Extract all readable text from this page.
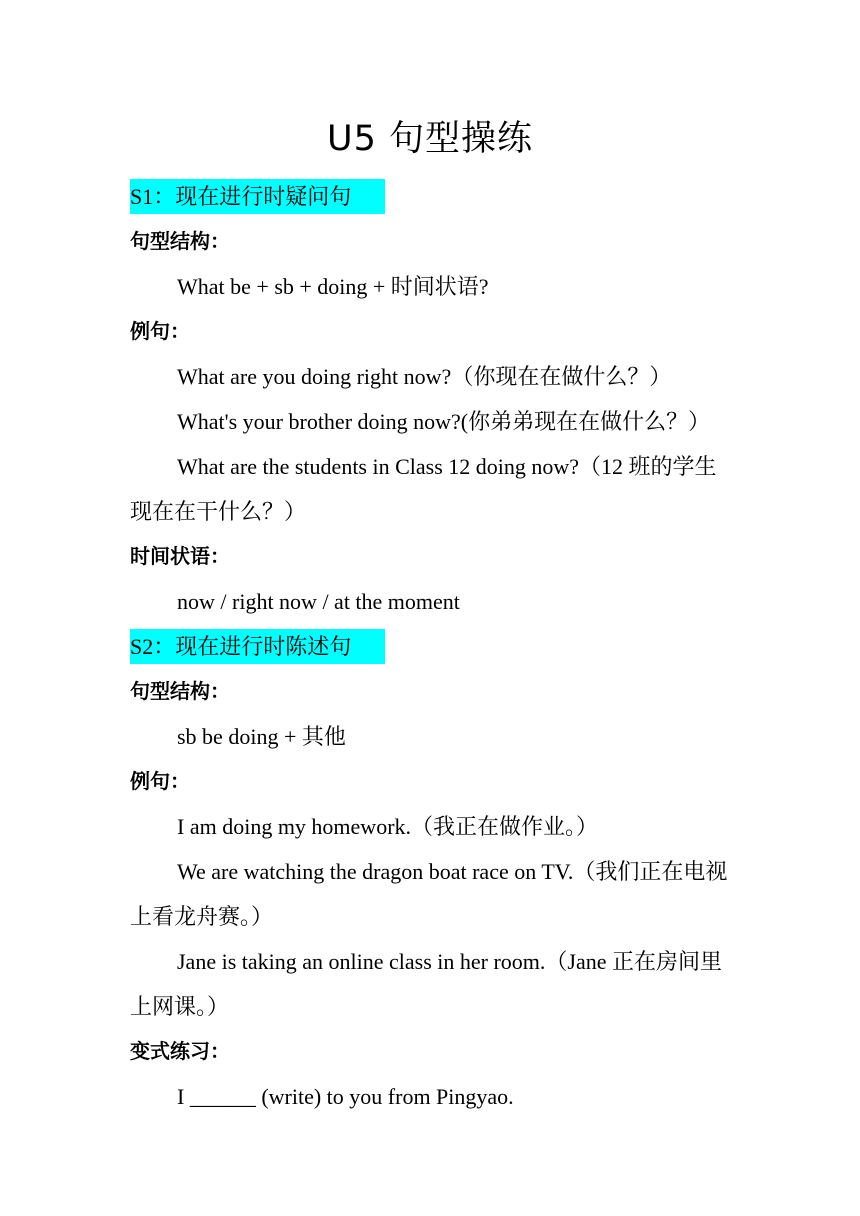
U5 句型操练
S1：现在进行时疑问句
句型结构：
What be + sb + doing + 时间状语?
例句：
What are you doing right now?（你现在在做什么？）
What's your brother doing now?(你弟弟现在在做什么？）
What are the students in Class 12 doing now?（12 班的学生现在在干什么？）
时间状语：
now / right now / at the moment
S2：现在进行时陈述句
句型结构：
sb be doing + 其他
例句：
I am doing my homework.（我正在做作业。）
We are watching the dragon boat race on TV.（我们正在电视上看龙舟赛。）
Jane is taking an online class in her room.（Jane 正在房间里上网课。）
变式练习：
I ______ (write) to you from Pingyao.
